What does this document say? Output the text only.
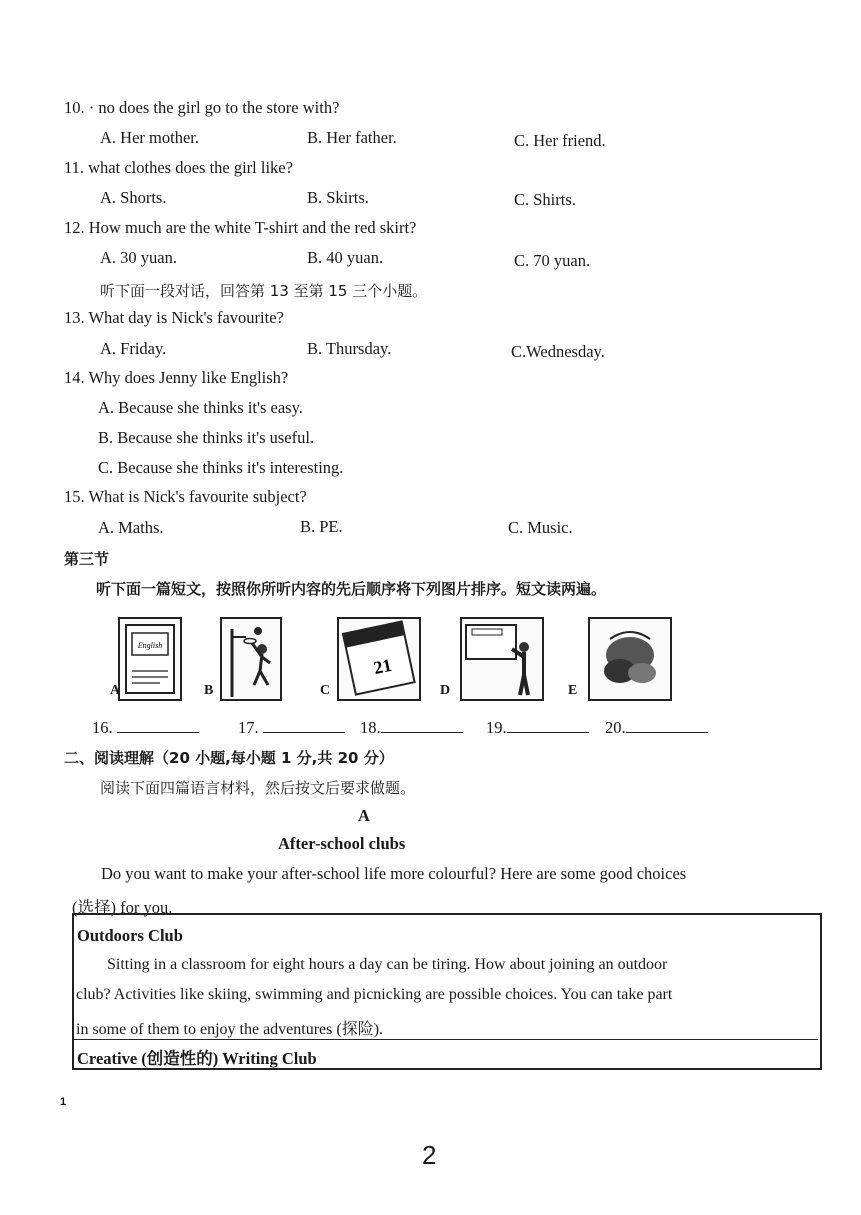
10. · no does the girl go to the store with?
A. Her mother.	B. Her father.	C. Her friend.
11. what clothes does the girl like?
A. Shorts.	B. Skirts.	C. Shirts.
12. How much are the white T-shirt and the red skirt?
A. 30 yuan.	B. 40 yuan.	C. 70 yuan.
听下面一段对话，回答第 13 至第 15 三个小题。
13. What day is Nick's favourite?
A. Friday.	B. Thursday.	C.Wednesday.
14. Why does Jenny like English?
A. Because she thinks it's easy.
B. Because she thinks it's useful.
C. Because she thinks it's interesting.
15. What is Nick's favourite subject?
A. Maths.	B. PE.	C. Music.
第三节
听下面一篇短文，按照你所听内容的先后顺序将下列图片排序。短文读两遍。
English
A	B
21
C	D	E
16.	17.	18.	19.	20.
二、阅读理解（20 小题,每小题 1 分,共 20 分）
阅读下面四篇语言材料，然后按文后要求做题。
A
After-school clubs
Do you want to make your after-school life more colourful? Here are some good choices
(选择) for you.
Outdoors Club
Sitting in a classroom for eight hours a day can be tiring. How about joining an outdoor
club? Activities like skiing, swimming and picnicking are possible choices. You can take part
in some of them to enjoy the adventures (探险).
Creative (创造性的) Writing Club
1
2
